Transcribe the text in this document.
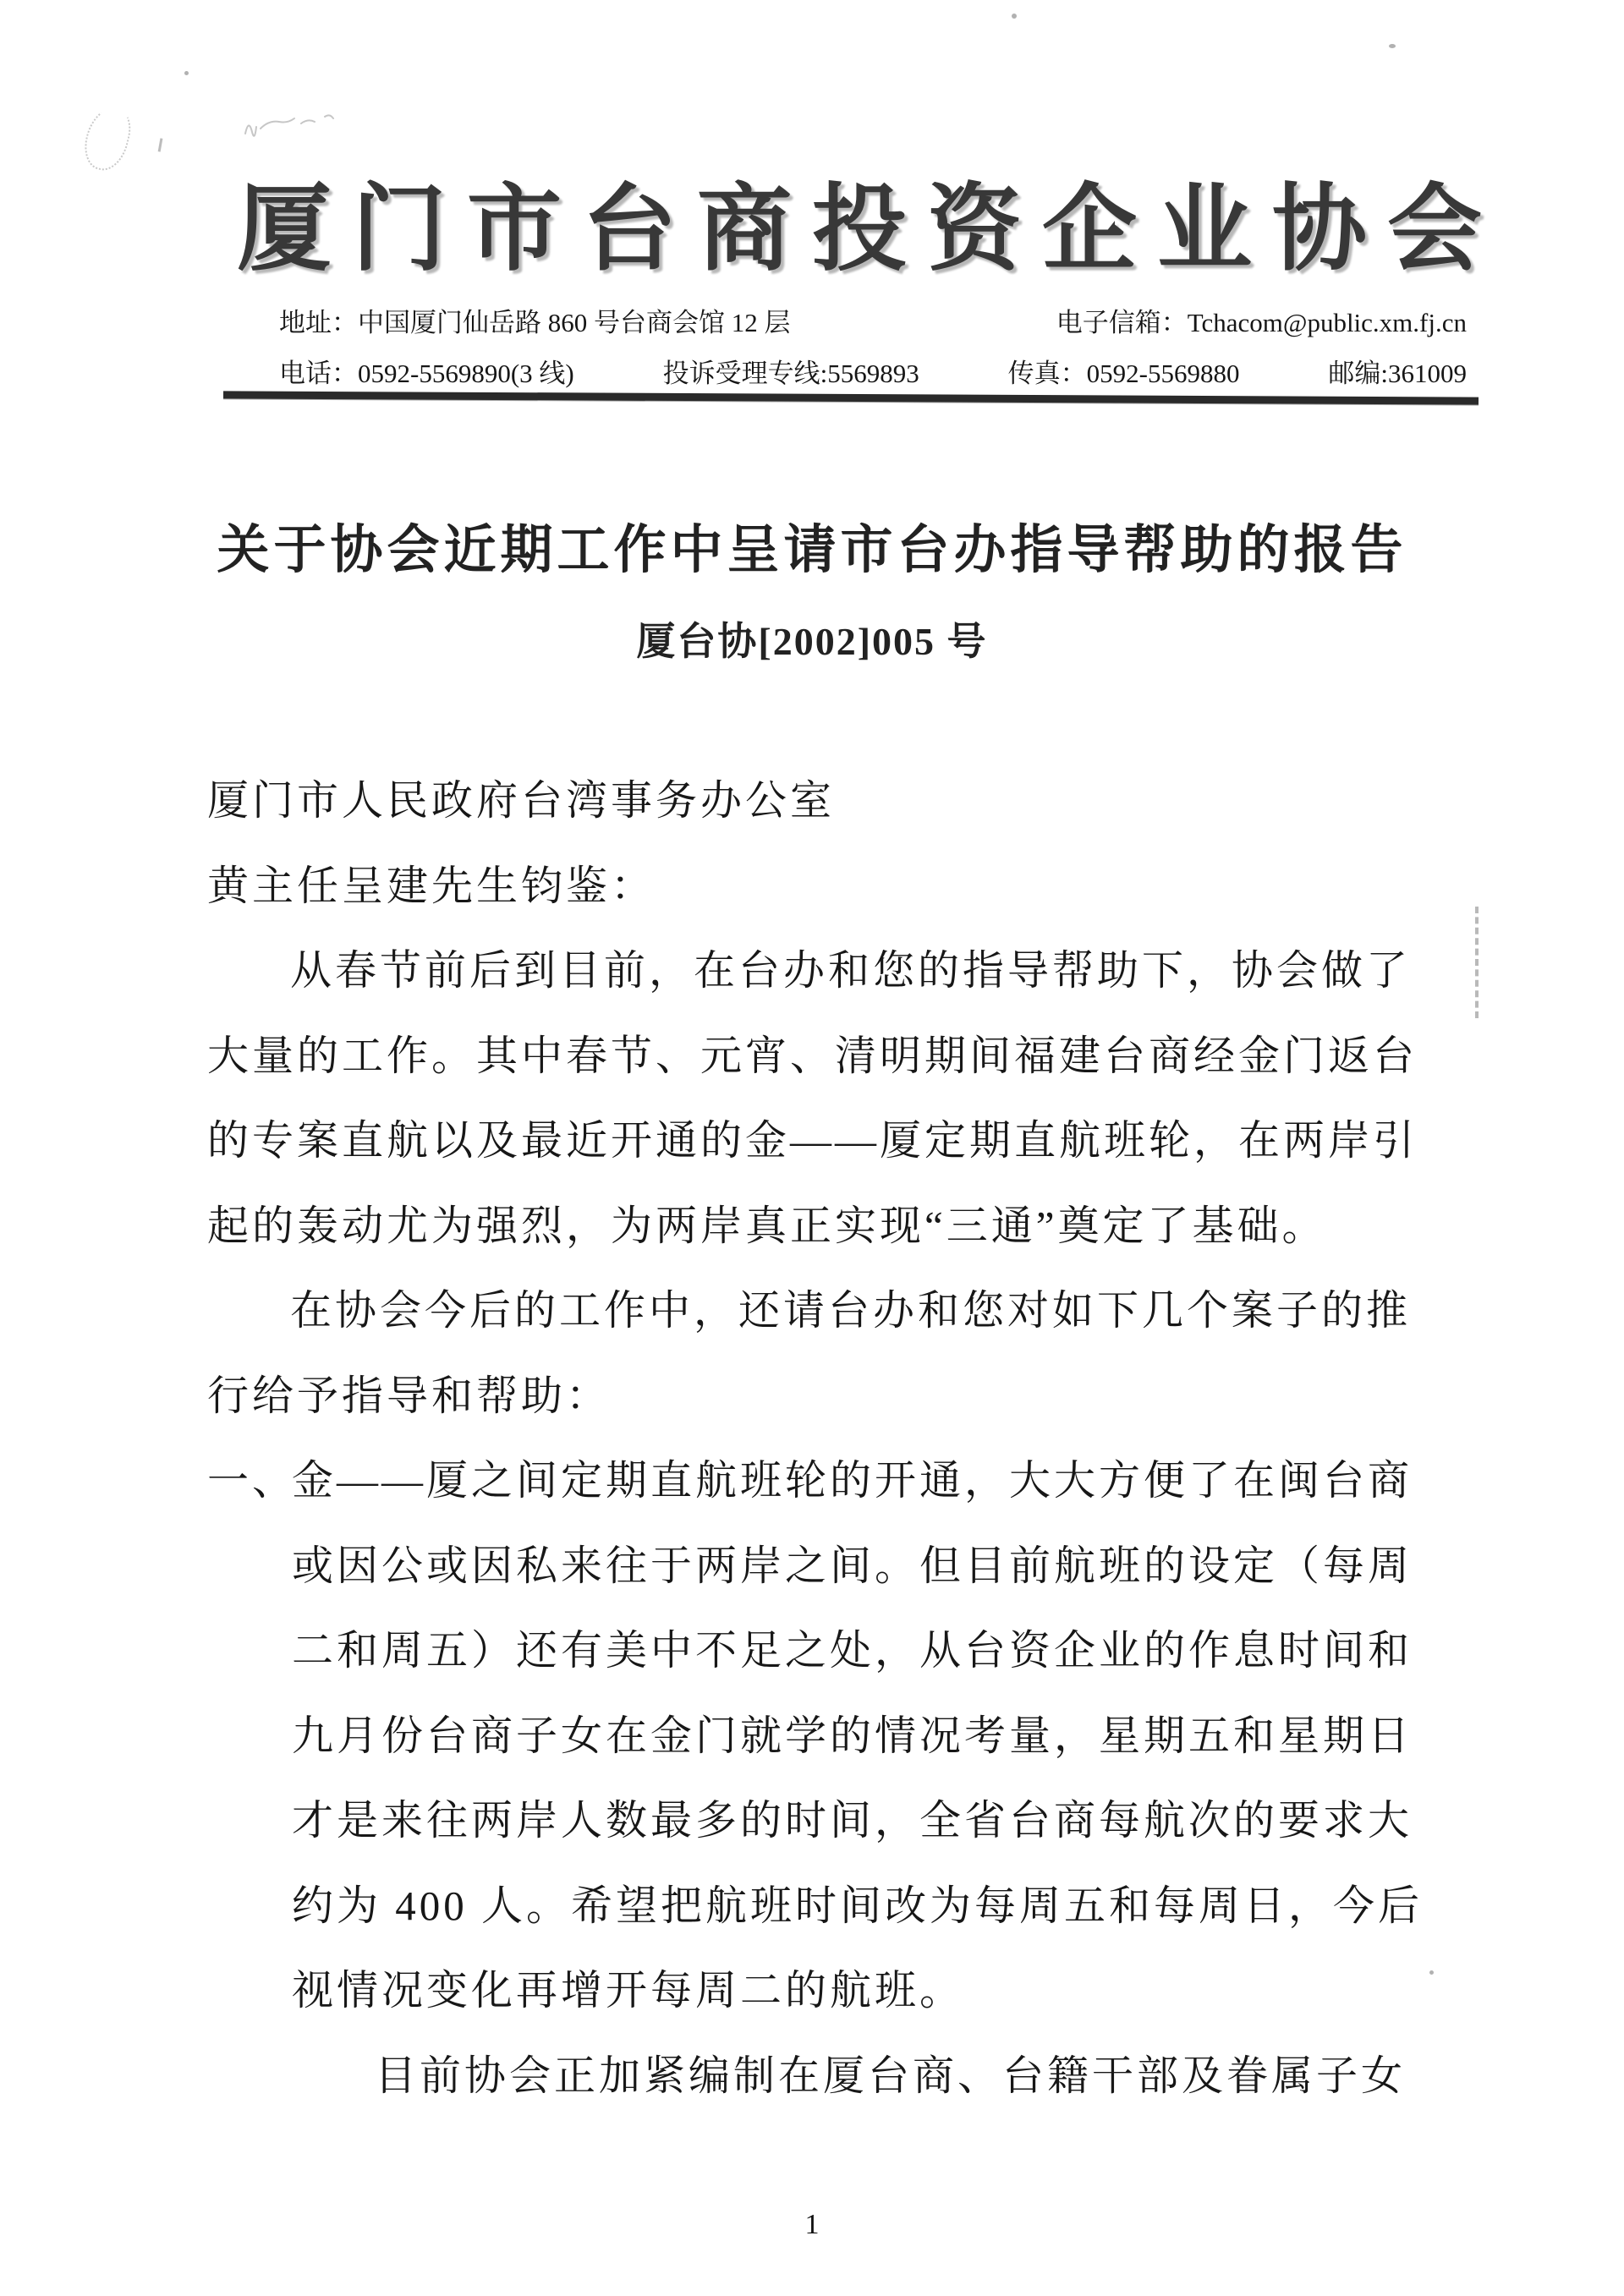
厦门市台商投资企业协会
地址：中国厦门仙岳路 860 号台商会馆 12 层	电子信箱：Tchacom@public.xm.fj.cn
电话：0592-5569890(3 线)	投诉受理专线:5569893	传真：0592-5569880	邮编:361009
关于协会近期工作中呈请市台办指导帮助的报告
厦台协[2002]005 号
厦门市人民政府台湾事务办公室
黄主任呈建先生钧鉴：
从春节前后到目前，在台办和您的指导帮助下，协会做了
大量的工作。其中春节、元宵、清明期间福建台商经金门返台
的专案直航以及最近开通的金——厦定期直航班轮，在两岸引
起的轰动尤为强烈，为两岸真正实现“三通”奠定了基础。
在协会今后的工作中，还请台办和您对如下几个案子的推
行给予指导和帮助：
一、
金——厦之间定期直航班轮的开通，大大方便了在闽台商
或因公或因私来往于两岸之间。但目前航班的设定（每周
二和周五）还有美中不足之处，从台资企业的作息时间和
九月份台商子女在金门就学的情况考量，星期五和星期日
才是来往两岸人数最多的时间，全省台商每航次的要求大
约为 400 人。希望把航班时间改为每周五和每周日，今后
视情况变化再增开每周二的航班。
目前协会正加紧编制在厦台商、台籍干部及眷属子女
1
